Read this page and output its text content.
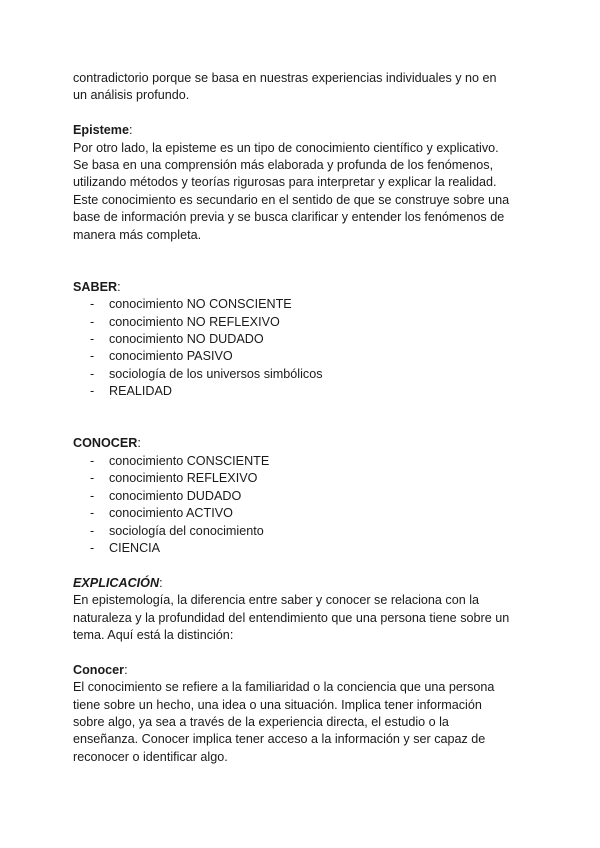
contradictorio porque se basa en nuestras experiencias individuales y no en

un análisis profundo.

Episteme:

Por otro lado, la episteme es un tipo de conocimiento científico y explicativo.

Se basa en una comprensión más elaborada y profunda de los fenómenos,

utilizando métodos y teorías rigurosas para interpretar y explicar la realidad.

Este conocimiento es secundario en el sentido de que se construye sobre una

base de información previa y se busca clarificar y entender los fenómenos de

manera más completa.

SABER:

- conocimiento NO CONSCIENTE
- conocimiento NO REFLEXIVO
- conocimiento NO DUDADO
- conocimiento PASIVO
- sociología de los universos simbólicos
- REALIDAD

CONOCER:

- conocimiento CONSCIENTE
- conocimiento REFLEXIVO
- conocimiento DUDADO
- conocimiento ACTIVO
- sociología del conocimiento
- CIENCIA

EXPLICACIÓN:

En epistemología, la diferencia entre saber y conocer se relaciona con la

naturaleza y la profundidad del entendimiento que una persona tiene sobre un

tema. Aquí está la distinción:

Conocer:

El conocimiento se refiere a la familiaridad o la conciencia que una persona

tiene sobre un hecho, una idea o una situación. Implica tener información

sobre algo, ya sea a través de la experiencia directa, el estudio o la

enseñanza. Conocer implica tener acceso a la información y ser capaz de

reconocer o identificar algo.
